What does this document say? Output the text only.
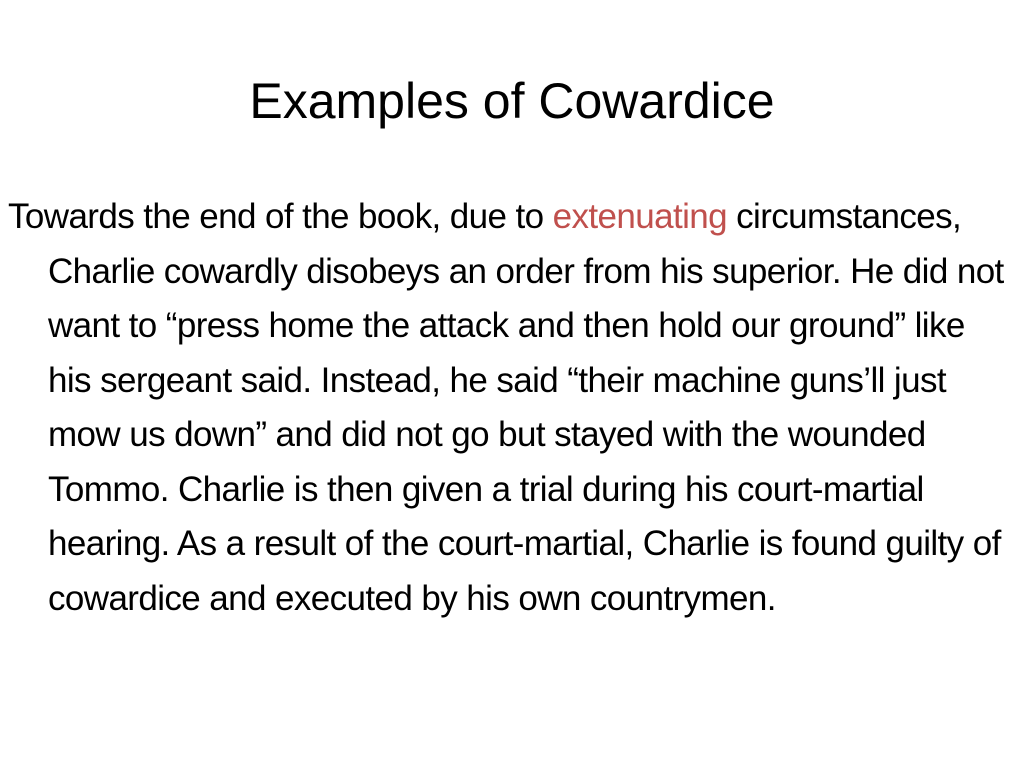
Examples of Cowardice

Towards the end of the book, due to extenuating circumstances, Charlie cowardly disobeys an order from his superior. He did not want to “press home the attack and then hold our ground” like his sergeant said. Instead, he said “their machine guns’ll just mow us down” and did not go but stayed with the wounded Tommo. Charlie is then given a trial during his court-martial hearing. As a result of the court-martial, Charlie is found guilty of cowardice and executed by his own countrymen.
